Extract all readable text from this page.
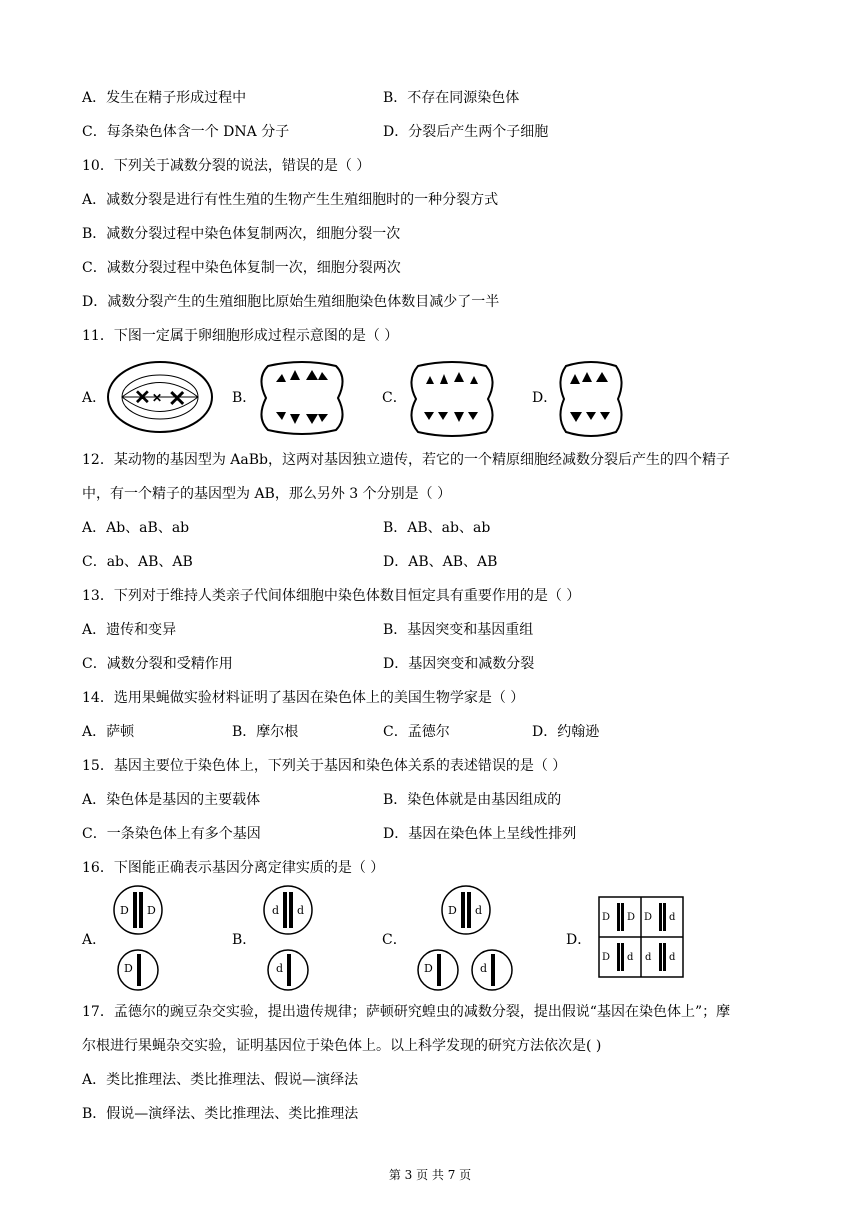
A．发生在精子形成过程中	B．不存在同源染色体
C．每条染色体含一个 DNA 分子	D．分裂后产生两个子细胞
10．下列关于减数分裂的说法，错误的是（ ）
A．减数分裂是进行有性生殖的生物产生生殖细胞时的一种分裂方式
B．减数分裂过程中染色体复制两次，细胞分裂一次
C．减数分裂过程中染色体复制一次，细胞分裂两次
D．减数分裂产生的生殖细胞比原始生殖细胞染色体数目减少了一半
11．下图一定属于卵细胞形成过程示意图的是（ ）
A． ✕ ✕ ✕	B．	C．	D．
12．某动物的基因型为 AaBb，这两对基因独立遗传，若它的一个精原细胞经减数分裂后产生的四个精子
中，有一个精子的基因型为 AB，那么另外 3 个分别是（ ）
A．Ab、aB、ab	B．AB、ab、ab
C．ab、AB、AB	D．AB、AB、AB
13．下列对于维持人类亲子代间体细胞中染色体数目恒定具有重要作用的是（ ）
A．遗传和变异	B．基因突变和基因重组
C．减数分裂和受精作用	D．基因突变和减数分裂
14．选用果蝇做实验材料证明了基因在染色体上的美国生物学家是（ ）
A．萨顿	B．摩尔根	C．孟德尔	D．约翰逊
15．基因主要位于染色体上，下列关于基因和染色体关系的表述错误的是（ ）
A．染色体是基因的主要载体	B．染色体就是由基因组成的
C．一条染色体上有多个基因	D．基因在染色体上呈线性排列
16．下图能正确表示基因分离定律实质的是（ ）
A．
D D
D
B．
d d
d
C．
D d
D	d
D．
D D D d
D d d d
17．孟德尔的豌豆杂交实验，提出遗传规律；萨顿研究蝗虫的减数分裂，提出假说“基因在染色体上”；摩
尔根进行果蝇杂交实验，证明基因位于染色体上。以上科学发现的研究方法依次是( )
A．类比推理法、类比推理法、假说—演绎法
B．假说—演绎法、类比推理法、类比推理法
第 3 页 共 7 页
